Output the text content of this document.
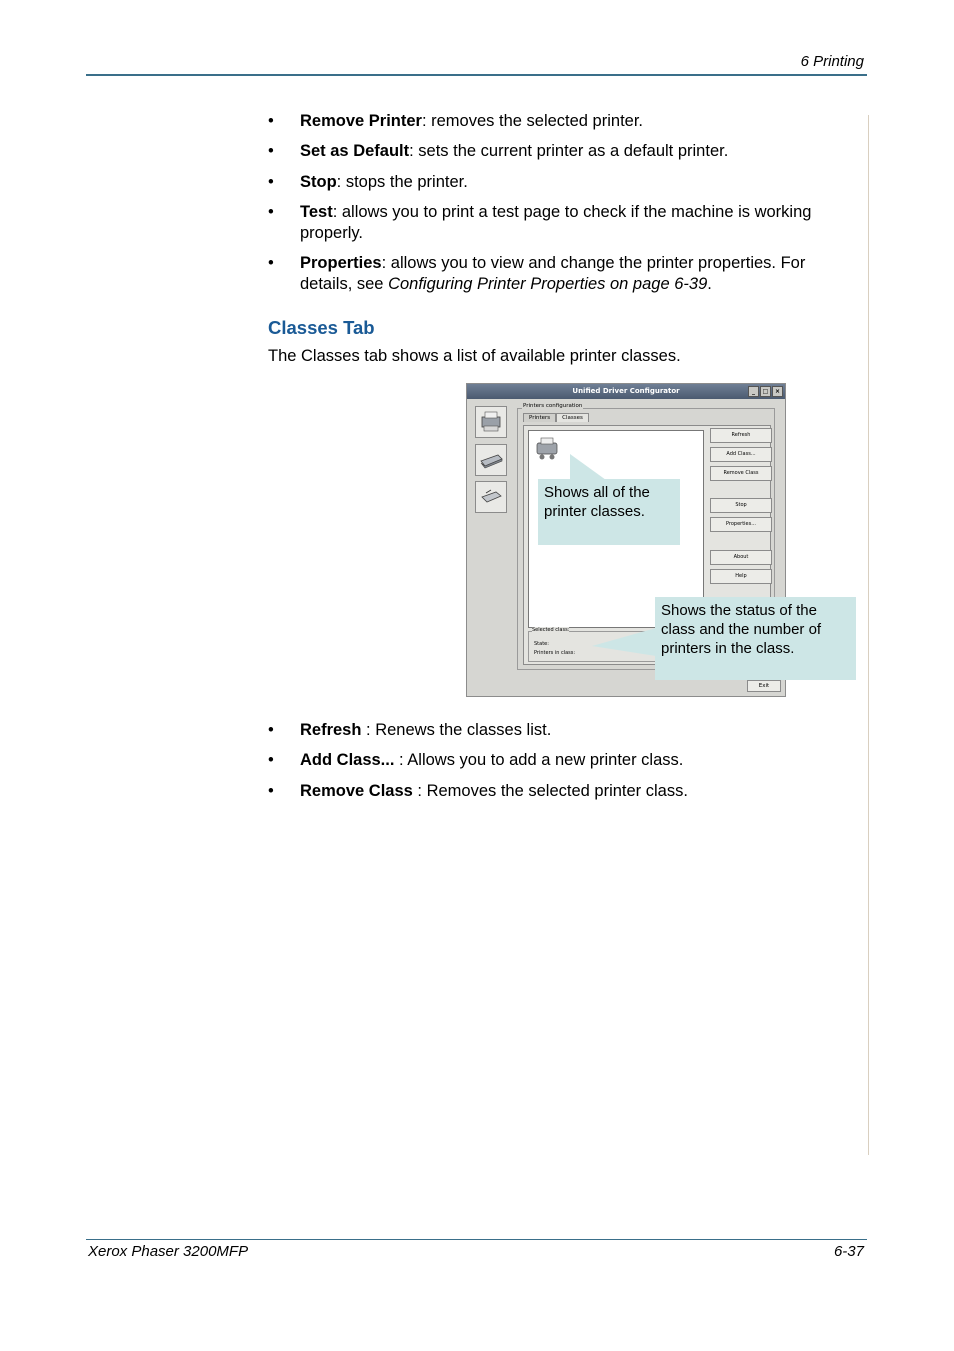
6 Printing
• Remove Printer: removes the selected printer.
• Set as Default: sets the current printer as a default printer.
• Stop: stops the printer.
• Test: allows you to print a test page to check if the machine is working properly.
• Properties: allows you to view and change the printer properties. For details, see Configuring Printer Properties on page 6-39.
Classes Tab
The Classes tab shows a list of available printer classes.
Unified Driver Configurator	_	□	×
Printers configuration
Printers	Classes
Refresh
Add Class...
Remove Class
Stop
Properties...
About
Help
Selected class:
State:
Printers in class:
Exit
Shows all of the printer classes.
Shows the status of the class and the number of printers in the class.
• Refresh : Renews the classes list.
• Add Class... : Allows you to add a new printer class.
• Remove Class : Removes the selected printer class.
Xerox Phaser 3200MFP	6-37
